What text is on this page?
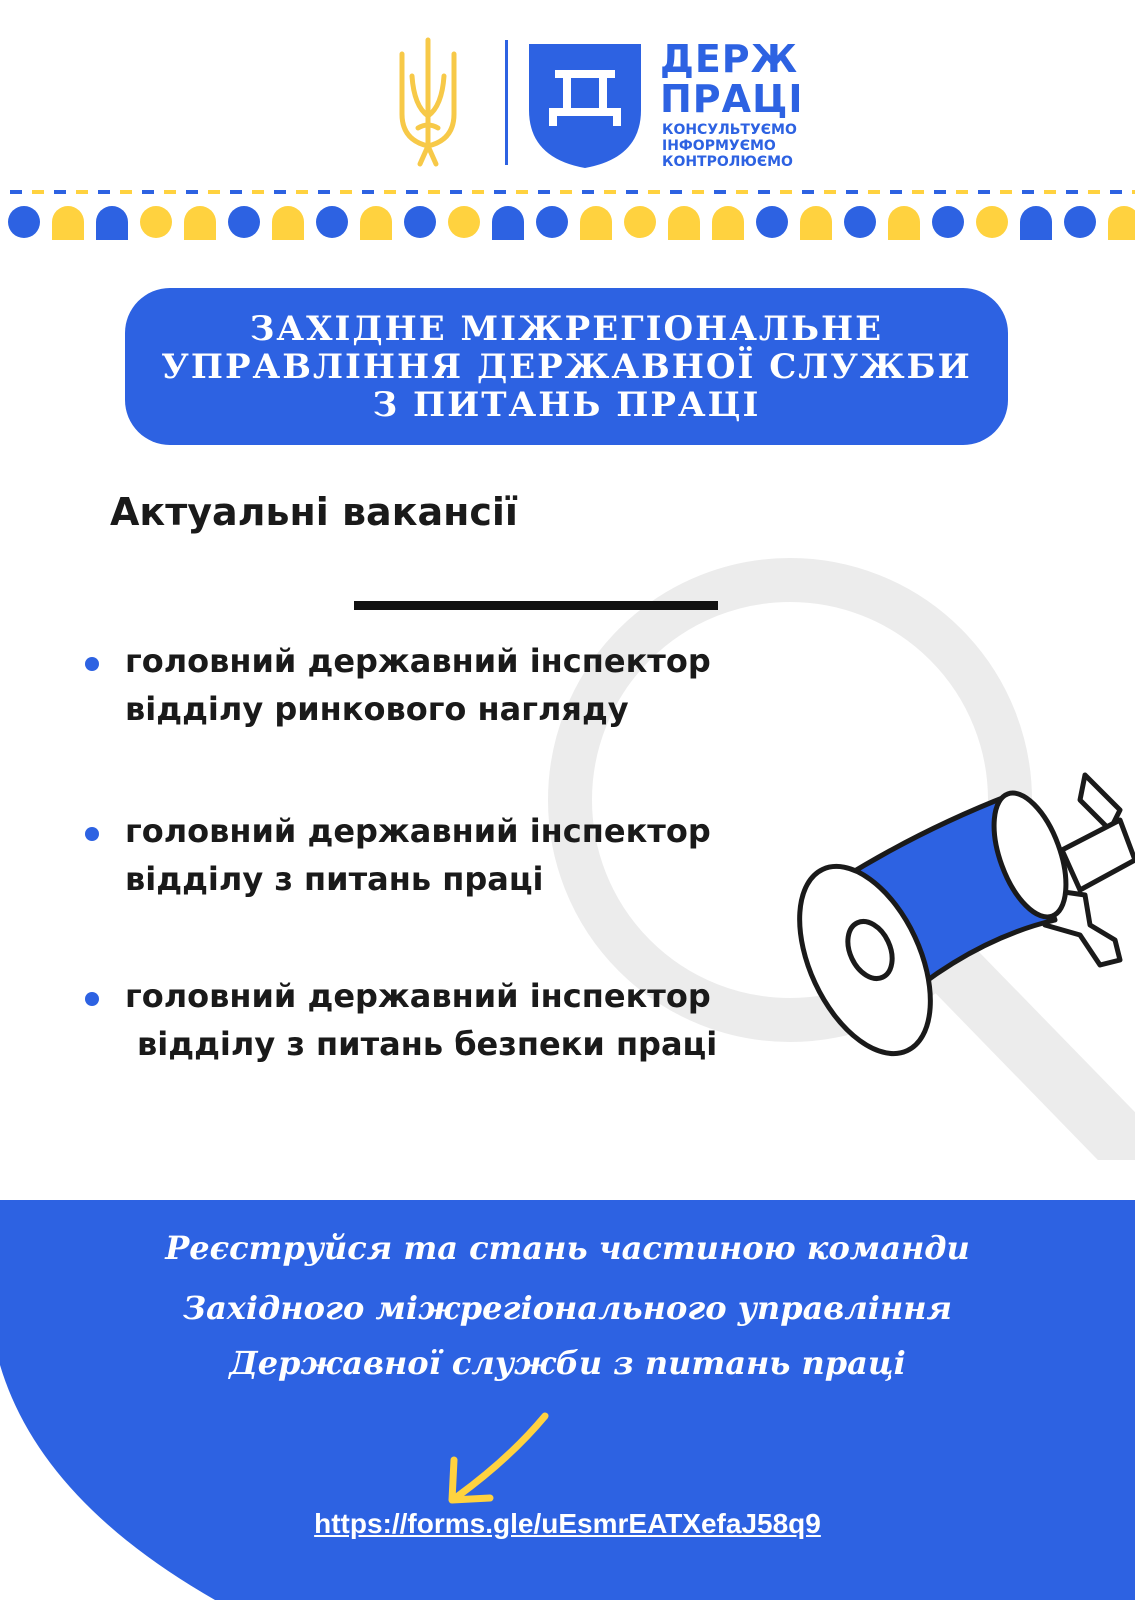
ДЕРЖ
ПРАЦІ
КОНСУЛЬТУЄМО
ІНФОРМУЄМО
КОНТРОЛЮЄМО
ЗАХІДНЕ МІЖРЕГІОНАЛЬНЕ
УПРАВЛІННЯ ДЕРЖАВНОЇ СЛУЖБИ
З ПИТАНЬ ПРАЦІ
Актуальні вакансії
головний державний інспектор
відділу ринкового нагляду
головний державний інспектор
відділу з питань праці
головний державний інспектор
відділу з питань безпеки праці
Реєструйся та стань частиною команди
Західного міжрегіонального управління
Державної служби з питань праці
https://forms.gle/uEsmrEATXefaJ58q9
